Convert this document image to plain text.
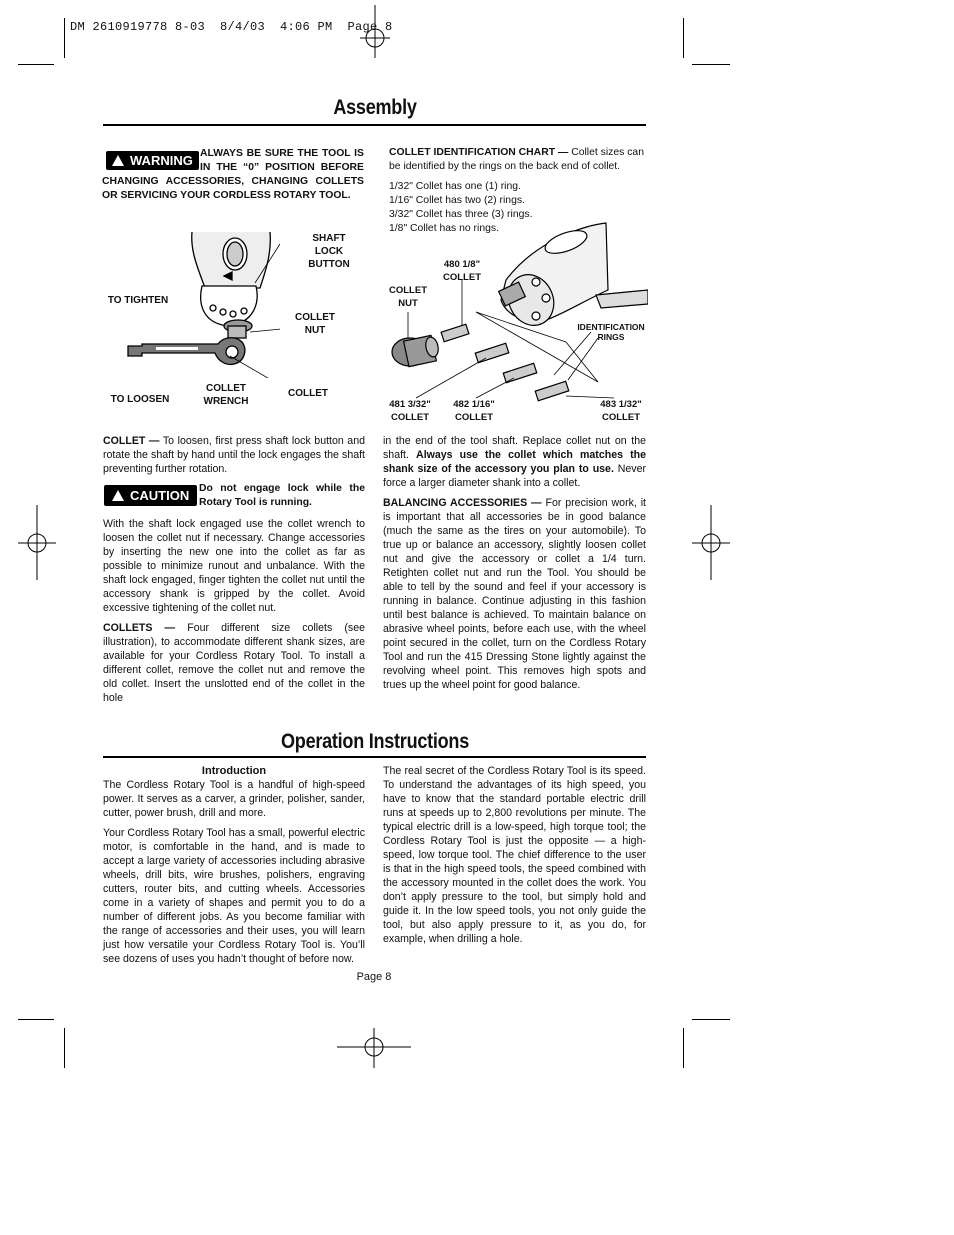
DM 2610919778 8-03  8/4/03  4:06 PM  Page 8
Assembly
WARNING ALWAYS BE SURE THE TOOL IS IN THE “0” POSITION BEFORE CHANGING ACCESSORIES, CHANGING COLLETS OR SERVICING YOUR CORDLESS ROTARY TOOL.
SHAFT
LOCK
BUTTON
TO TIGHTEN
COLLET
NUT
TO LOOSEN
COLLET
WRENCH
COLLET

COLLET IDENTIFICATION CHART — Collet sizes can be identified by the rings on the back end of collet.

1/32" Collet has one (1) ring.
1/16" Collet has two (2) rings.
3/32" Collet has three (3) rings.
1/8" Collet has no rings.
480 1/8"
COLLET
COLLET
NUT
IDENTIFICATION
RINGS
481 3/32"
COLLET
482 1/16"
COLLET
483 1/32"
COLLET

COLLET — To loosen, first press shaft lock button and rotate the shaft by hand until the lock engages the shaft preventing further rotation.

CAUTION Do not engage lock while the Rotary Tool is running.

With the shaft lock engaged use the collet wrench to loosen the collet nut if necessary. Change accessories by inserting the new one into the collet as far as possible to minimize runout and unbalance. With the shaft lock engaged, finger tighten the collet nut until the accessory shank is gripped by the collet. Avoid excessive tightening of the collet nut.

COLLETS — Four different size collets (see illustration), to accommodate different shank sizes, are available for your Cordless Rotary Tool. To install a different collet, remove the collet nut and remove the old collet. Insert the unslotted end of the collet in the hole

in the end of the tool shaft. Replace collet nut on the shaft. Always use the collet which matches the shank size of the accessory you plan to use. Never force a larger diameter shank into a collet.

BALANCING ACCESSORIES — For precision work, it is important that all accessories be in good balance (much the same as the tires on your automobile). To true up or balance an accessory, slightly loosen collet nut and give the accessory or collet a 1/4 turn. Retighten collet nut and run the Tool. You should be able to tell by the sound and feel if your accessory is running in balance. Continue adjusting in this fashion until best balance is achieved. To maintain balance on abrasive wheel points, before each use, with the wheel point secured in the collet, turn on the Cordless Rotary Tool and run the 415 Dressing Stone lightly against the revolving wheel point. This removes high spots and trues up the wheel point for good balance.

Operation Instructions
Introduction

The Cordless Rotary Tool is a handful of high-speed power. It serves as a carver, a grinder, polisher, sander, cutter, power brush, drill and more.

Your Cordless Rotary Tool has a small, powerful electric motor, is comfortable in the hand, and is made to accept a large variety of accessories including abrasive wheels, drill bits, wire brushes, polishers, engraving cutters, router bits, and cutting wheels. Accessories come in a variety of shapes and permit you to do a number of different jobs. As you become familiar with the range of accessories and their uses, you will learn just how versatile your Cordless Rotary Tool is. You’ll see dozens of uses you hadn’t thought of before now.

The real secret of the Cordless Rotary Tool is its speed. To understand the advantages of its high speed, you have to know that the standard portable electric drill runs at speeds up to 2,800 revolutions per minute. The typical electric drill is a low-speed, high torque tool; the Cordless Rotary Tool is just the opposite — a high-speed, low torque tool. The chief difference to the user is that in the high speed tools, the speed combined with the accessory mounted in the collet does the work. You don’t apply pressure to the tool, but simply hold and guide it. In the low speed tools, you not only guide the tool, but also apply pressure to it, as you do, for example, when drilling a hole.

Page 8
